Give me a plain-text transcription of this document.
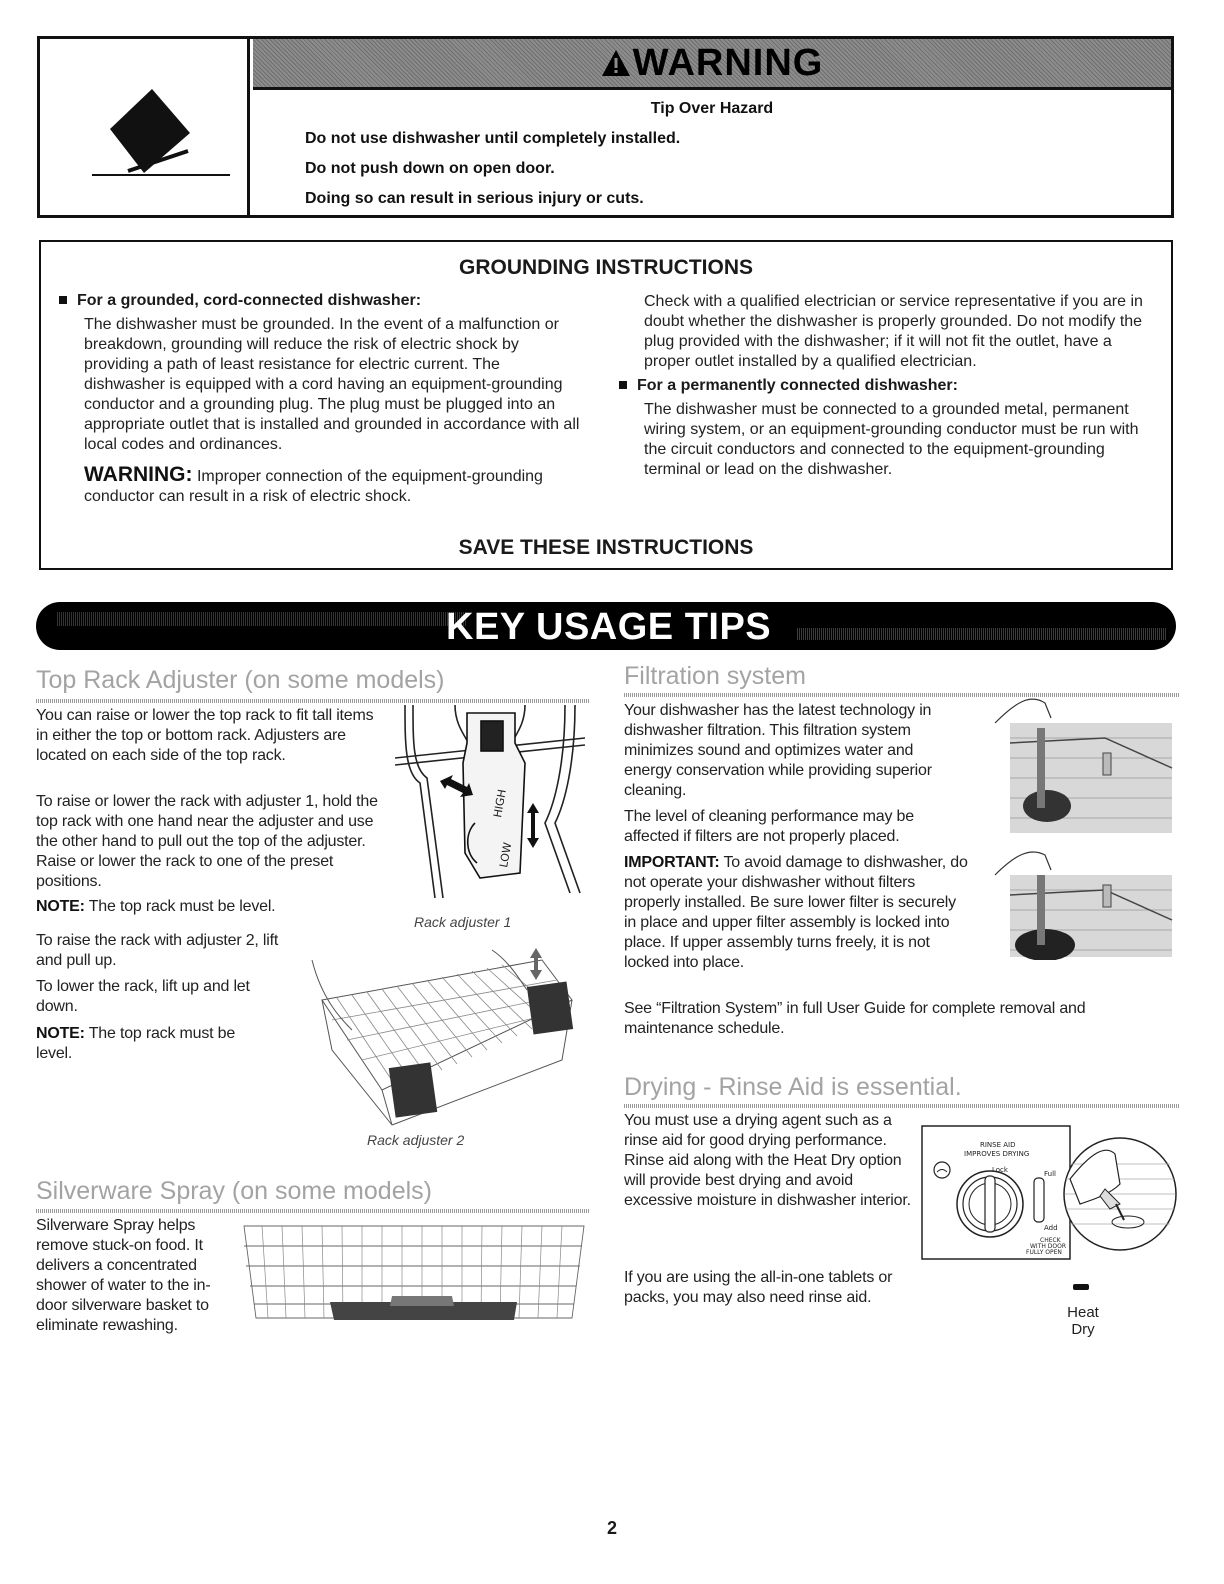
WARNING
Tip Over Hazard
Do not use dishwasher until completely installed.
Do not push down on open door.
Doing so can result in serious injury or cuts.
GROUNDING INSTRUCTIONS
For a grounded, cord-connected dishwasher:
The dishwasher must be grounded. In the event of a malfunction or breakdown, grounding will reduce the risk of electric shock by providing a path of least resistance for electric current. The dishwasher is equipped with a cord having an equipment-grounding conductor and a grounding plug. The plug must be plugged into an appropriate outlet that is installed and grounded in accordance with all local codes and ordinances.
WARNING: Improper connection of the equipment-grounding conductor can result in a risk of electric shock.
Check with a qualified electrician or service representative if you are in doubt whether the dishwasher is properly grounded. Do not modify the plug provided with the dishwasher; if it will not fit the outlet, have a proper outlet installed by a qualified electrician.
For a permanently connected dishwasher:
The dishwasher must be connected to a grounded metal, permanent wiring system, or an equipment-grounding conductor must be run with the circuit conductors and connected to the equipment-grounding terminal or lead on the dishwasher.
SAVE THESE INSTRUCTIONS
KEY USAGE TIPS
Top Rack Adjuster (on some models)
You can raise or lower the top rack to fit tall items in either the top or bottom rack. Adjusters are located on each side of the top rack.
To raise or lower the rack with adjuster 1, hold the top rack with one hand near the adjuster and use the other hand to pull out the top of the adjuster. Raise or lower the rack to one of the preset positions.
NOTE: The top rack must be level.
To raise the rack with adjuster 2, lift and pull up.
To lower the rack, lift up and let down.
NOTE: The top rack must be level.
HIGH
LOW
Rack adjuster 1
Rack adjuster 2
Silverware Spray (on some models)
Silverware Spray helps remove stuck-on food. It delivers a concentrated shower of water to the in-door silverware basket to eliminate rewashing.
Filtration system
Your dishwasher has the latest technology in dishwasher filtration. This filtration system minimizes sound and optimizes water and energy conservation while providing superior cleaning.
The level of cleaning performance may be affected if filters are not properly placed.
IMPORTANT: To avoid damage to dishwasher, do not operate your dishwasher without filters properly installed. Be sure lower filter is securely in place and upper filter assembly is locked into place. If upper assembly turns freely, it is not locked into place.
See “Filtration System” in full User Guide for complete removal and maintenance schedule.
Drying - Rinse Aid is essential.
You must use a drying agent such as a rinse aid for good drying performance. Rinse aid along with the Heat Dry option will provide best drying and avoid excessive moisture in dishwasher interior.
If you are using the all-in-one tablets or packs, you may also need rinse aid.
RINSE AID
IMPROVES DRYING
Lock	Full
Add
CHECK
WITH DOOR
FULLY OPEN
Heat
Dry
2
